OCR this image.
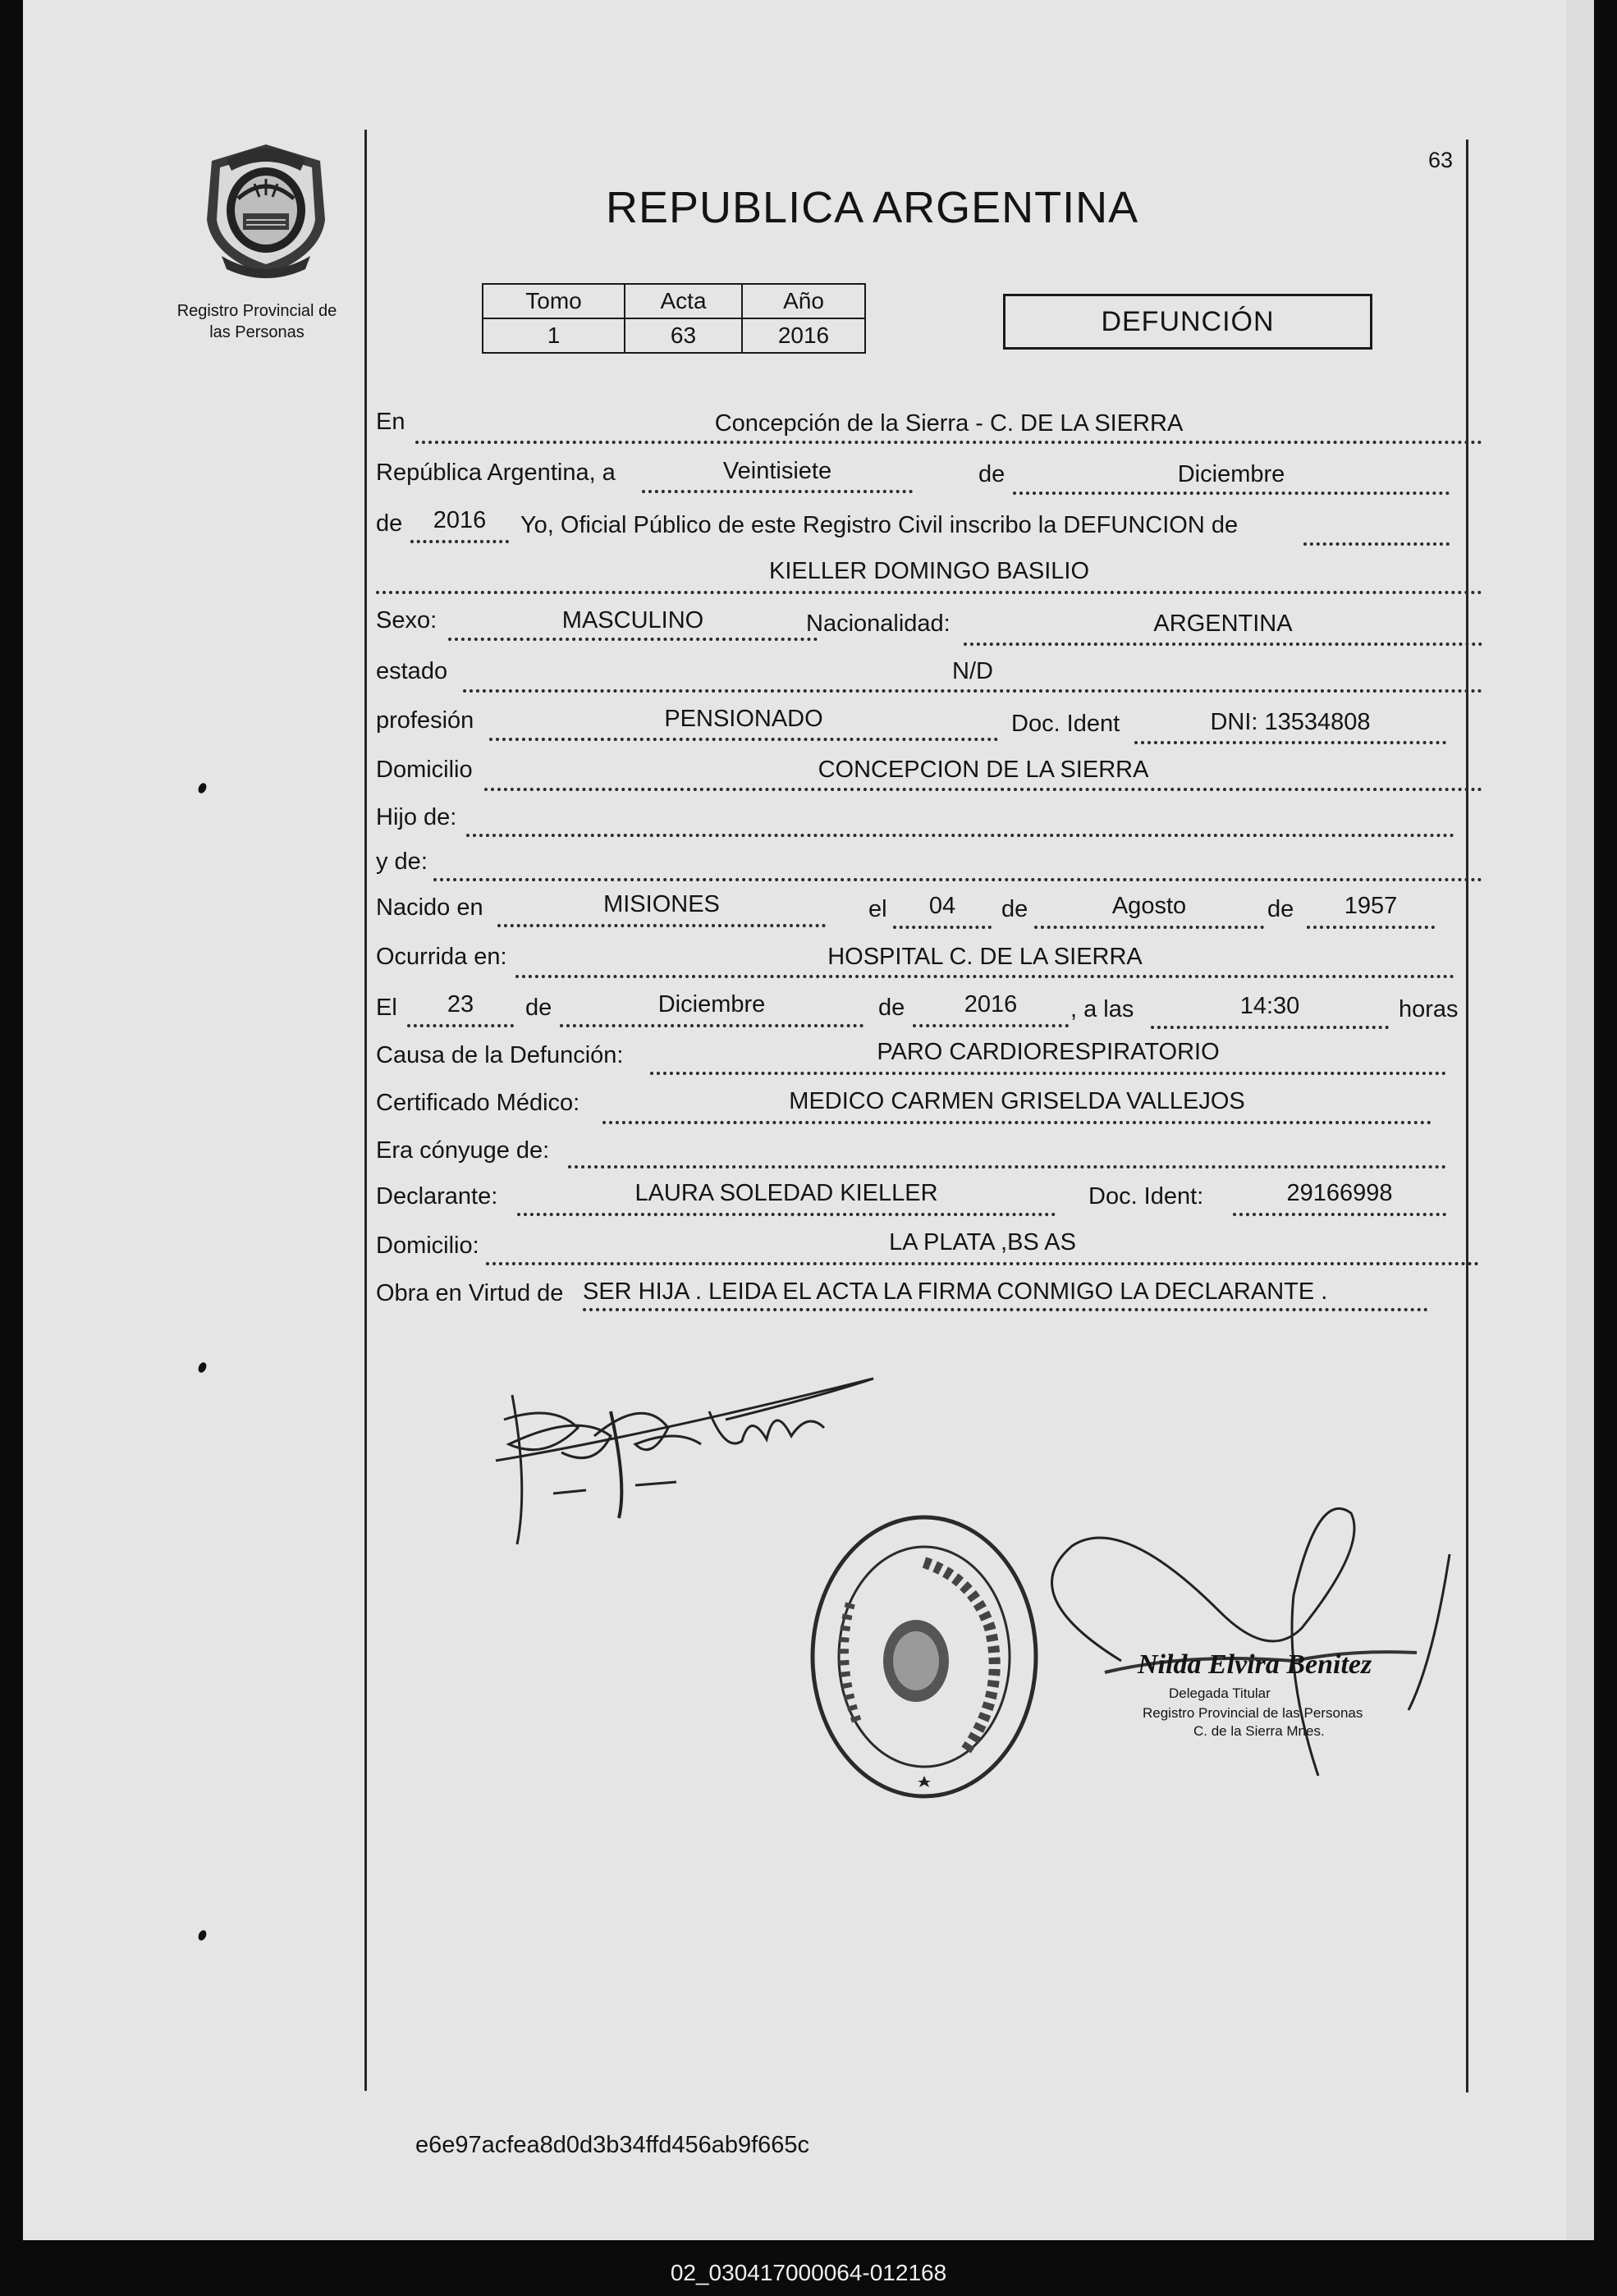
Registro Provincial de
las Personas
63
REPUBLICA ARGENTINA
Tomo	Acta	Año
1	63	2016	DEFUNCIÓN
En	Concepción de la Sierra - C. DE LA SIERRA
República Argentina, a	Veintisiete	de	Diciembre
de	2016	Yo, Oficial Público de este Registro Civil inscribo la DEFUNCION de
KIELLER DOMINGO BASILIO
Sexo:	MASCULINO	Nacionalidad:	ARGENTINA
estado	N/D
profesión	PENSIONADO	Doc. Ident	DNI: 13534808
Domicilio	CONCEPCION DE LA SIERRA
Hijo de:
y de:
Nacido en	MISIONES	el	04	de	Agosto	de	1957
Ocurrida en:	HOSPITAL C. DE LA SIERRA
El	23	de	Diciembre	de	2016	, a las	14:30	horas
Causa de la Defunción:	PARO CARDIORESPIRATORIO
Certificado Médico:	MEDICO CARMEN GRISELDA VALLEJOS
Era cónyuge de:
Declarante:	LAURA SOLEDAD KIELLER	Doc. Ident:	29166998
Domicilio:	LA PLATA ,BS AS
Obra en Virtud de SER HIJA . LEIDA EL ACTA LA FIRMA CONMIGO LA DECLARANTE .
Nilda Elvira Benitez
Delegada Titular
Registro Provincial de las Personas
C. de la Sierra Mnes.
e6e97acfea8d0d3b34ffd456ab9f665c
02_030417000064-012168
